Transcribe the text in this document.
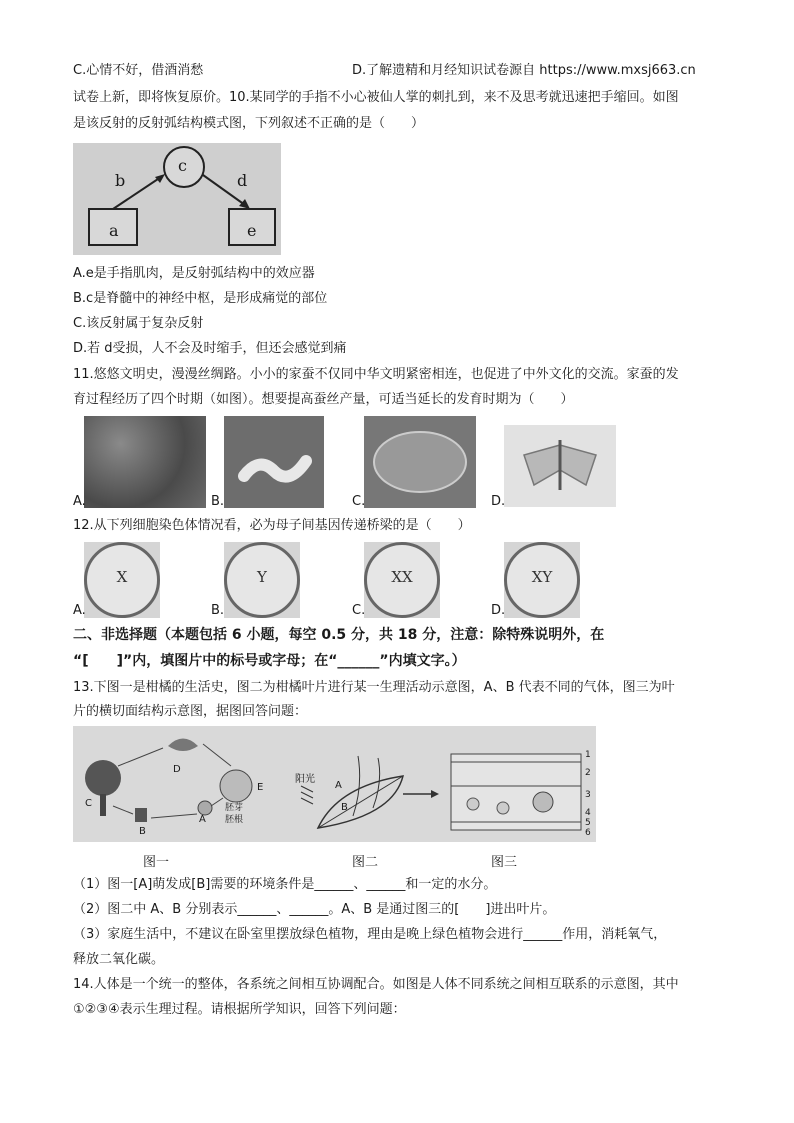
C.心情不好，借酒消愁	D.了解遗精和月经知识试卷源自 https://www.mxsj663.cn
试卷上新，即将恢复原价。10.某同学的手指不小心被仙人掌的刺扎到，来不及思考就迅速把手缩回。如图
是该反射的反射弧结构模式图，下列叙述不正确的是（　　）
b
c
d
a	e
A.e是手指肌肉，是反射弧结构中的效应器
B.c是脊髓中的神经中枢，是形成痛觉的部位
C.该反射属于复杂反射
D.若 d受损，人不会及时缩手，但还会感觉到痛
11.悠悠文明史，漫漫丝绸路。小小的家蚕不仅同中华文明紧密相连，也促进了中外文化的交流。家蚕的发
育过程经历了四个时期（如图）。想要提高蚕丝产量，可适当延长的发育时期为（　　）
A.	B.	C.	D.
12.从下列细胞染色体情况看，必为母子间基因传递桥梁的是（　　）
X	Y	XX	XY
A.	B.	C.	D.
二、非选择题（本题包括 6 小题，每空 0.5 分，共 18 分，注意：除特殊说明外，在
“[　　]”内，填图片中的标号或字母；在“______”内填文字。）
13.下图一是柑橘的生活史，图二为柑橘叶片进行某一生理活动示意图，A、B 代表不同的气体，图三为叶
片的横切面结构示意图，据图回答问题：
D
E
C
A
B
胚芽
胚根
阳光
A
B
1
2
3
4
5
6
图一	图二	图三
（1）图一[A]萌发成[B]需要的环境条件是______、______和一定的水分。
（2）图二中 A、B 分别表示______、______。A、B 是通过图三的[　　]进出叶片。
（3）家庭生活中，不建议在卧室里摆放绿色植物，理由是晚上绿色植物会进行______作用，消耗氧气，
释放二氧化碳。
14.人体是一个统一的整体，各系统之间相互协调配合。如图是人体不同系统之间相互联系的示意图，其中
①②③④表示生理过程。请根据所学知识，回答下列问题：
